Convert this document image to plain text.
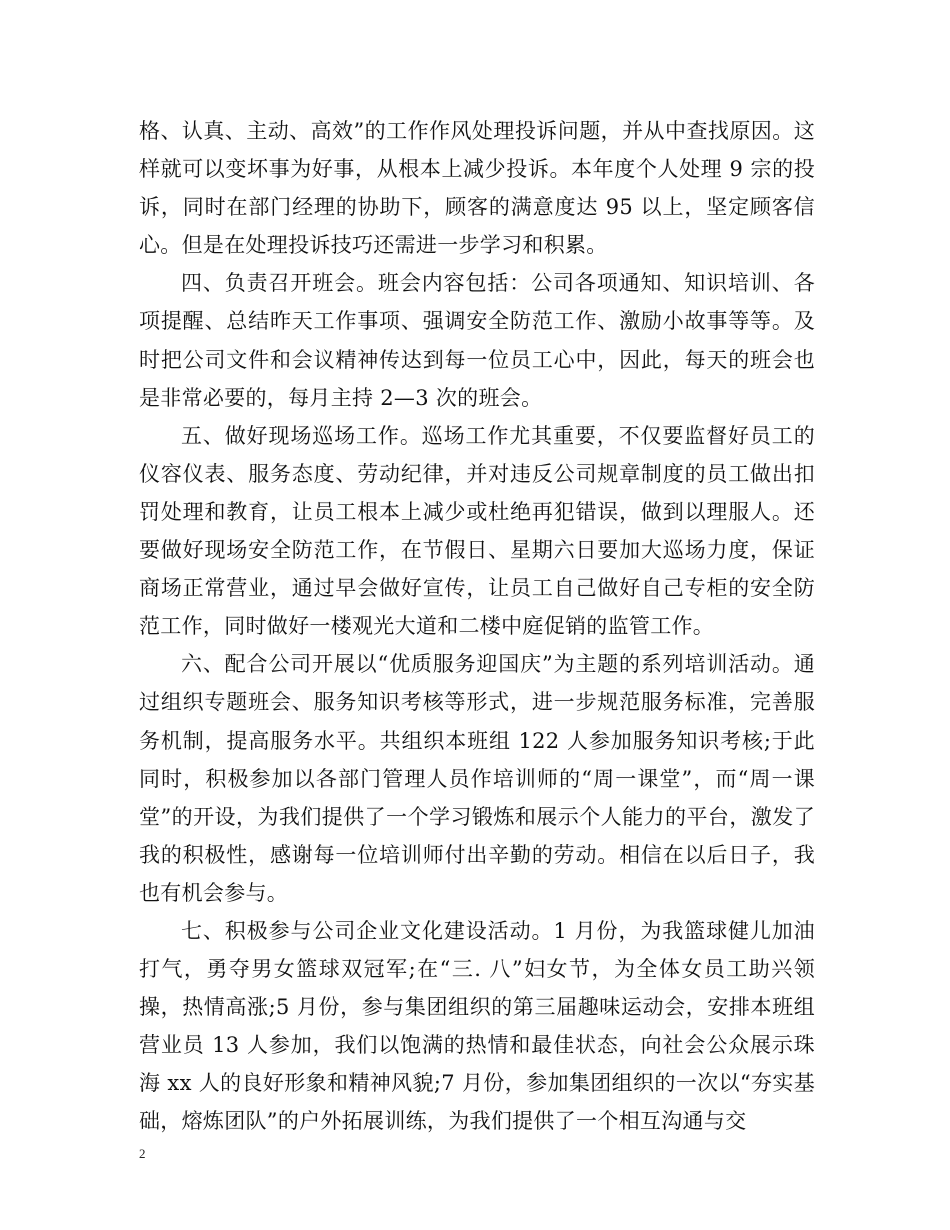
格、认真、主动、高效”的工作作风处理投诉问题，并从中查找原因。这样就可以变坏事为好事，从根本上减少投诉。本年度个人处理 9 宗的投诉，同时在部门经理的协助下，顾客的满意度达 95 以上，坚定顾客信心。但是在处理投诉技巧还需进一步学习和积累。

四、负责召开班会。班会内容包括：公司各项通知、知识培训、各项提醒、总结昨天工作事项、强调安全防范工作、激励小故事等等。及时把公司文件和会议精神传达到每一位员工心中，因此，每天的班会也是非常必要的，每月主持 2—3 次的班会。

五、做好现场巡场工作。巡场工作尤其重要，不仅要监督好员工的仪容仪表、服务态度、劳动纪律，并对违反公司规章制度的员工做出扣罚处理和教育，让员工根本上减少或杜绝再犯错误，做到以理服人。还要做好现场安全防范工作，在节假日、星期六日要加大巡场力度，保证商场正常营业，通过早会做好宣传，让员工自己做好自己专柜的安全防范工作，同时做好一楼观光大道和二楼中庭促销的监管工作。

六、配合公司开展以“优质服务迎国庆”为主题的系列培训活动。通过组织专题班会、服务知识考核等形式，进一步规范服务标准，完善服务机制，提高服务水平。共组织本班组 122 人参加服务知识考核;于此同时，积极参加以各部门管理人员作培训师的“周一课堂”，而“周一课堂”的开设，为我们提供了一个学习锻炼和展示个人能力的平台，激发了我的积极性，感谢每一位培训师付出辛勤的劳动。相信在以后日子，我也有机会参与。

七、积极参与公司企业文化建设活动。1 月份，为我篮球健儿加油打气，勇夺男女篮球双冠军;在“三. 八”妇女节，为全体女员工助兴领操，热情高涨;5 月份，参与集团组织的第三届趣味运动会，安排本班组营业员 13 人参加，我们以饱满的热情和最佳状态，向社会公众展示珠海 xx 人的良好形象和精神风貌;7 月份，参加集团组织的一次以“夯实基础，熔炼团队”的户外拓展训练，为我们提供了一个相互沟通与交

2
